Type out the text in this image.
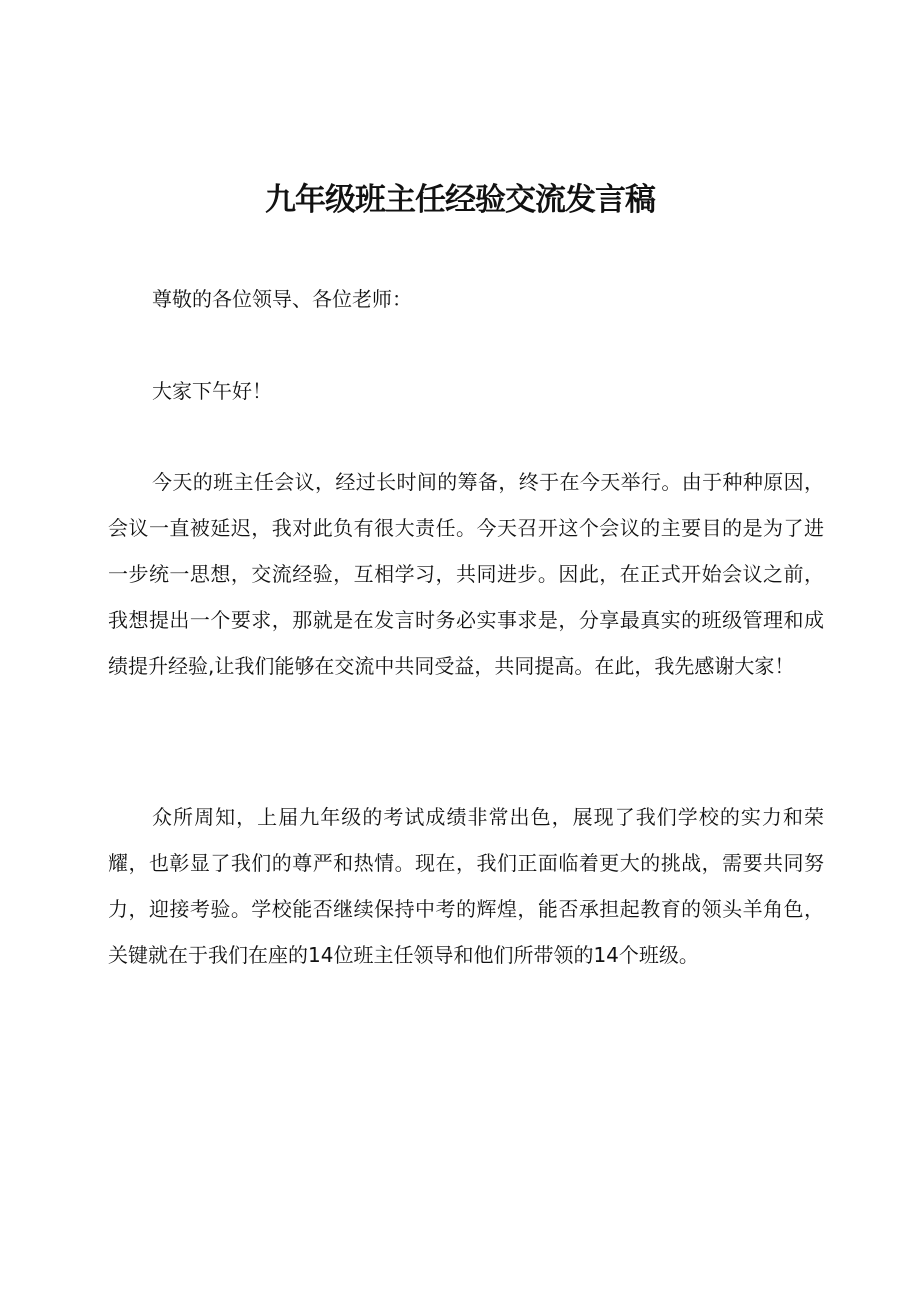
九年级班主任经验交流发言稿

尊敬的各位领导、各位老师：

大家下午好！

今天的班主任会议，经过长时间的筹备，终于在今天举行。由于种种原因，会议一直被延迟，我对此负有很大责任。今天召开这个会议的主要目的是为了进一步统一思想，交流经验，互相学习，共同进步。因此，在正式开始会议之前，我想提出一个要求，那就是在发言时务必实事求是，分享最真实的班级管理和成绩提升经验,让我们能够在交流中共同受益，共同提高。在此，我先感谢大家！

众所周知，上届九年级的考试成绩非常出色，展现了我们学校的实力和荣耀，也彰显了我们的尊严和热情。现在，我们正面临着更大的挑战，需要共同努力，迎接考验。学校能否继续保持中考的辉煌，能否承担起教育的领头羊角色，关键就在于我们在座的14位班主任领导和他们所带领的14个班级。
